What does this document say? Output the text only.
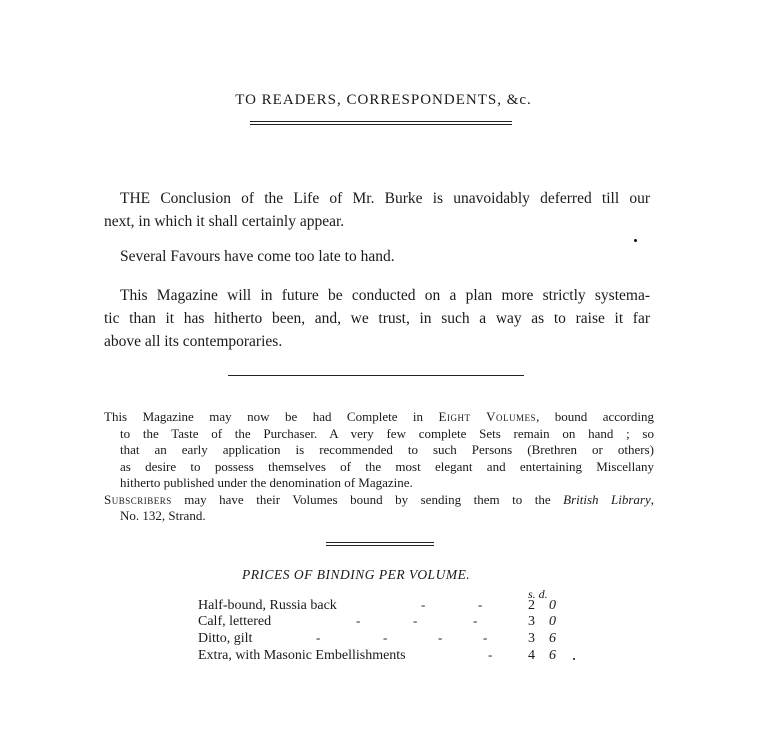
TO READERS, CORRESPONDENTS, &c.
THE Conclusion of the Life of Mr. Burke is unavoidably deferred till our
next, in which it shall certainly appear.
Several Favours have come too late to hand.
This Magazine will in future be conducted on a plan more strictly systema-
tic than it has hitherto been, and, we trust, in such a way as to raise it far
above all its contemporaries.
This Magazine may now be had Complete in Eight Volumes, bound according
to the Taste of the Purchaser. A very few complete Sets remain on hand ; so
that an early application is recommended to such Persons (Brethren or others)
as desire to possess themselves of the most elegant and entertaining Miscellany
hitherto published under the denomination of Magazine.
Subscribers may have their Volumes bound by sending them to the British Library,
No. 132, Strand.
PRICES OF BINDING PER VOLUME.
s. d.
Half-bound, Russia back	-	-	2 0
Calf, lettered	-	-	-	3 0
Ditto, gilt	-	-	-	-	3 6
Extra, with Masonic Embellishments	-	4 6
